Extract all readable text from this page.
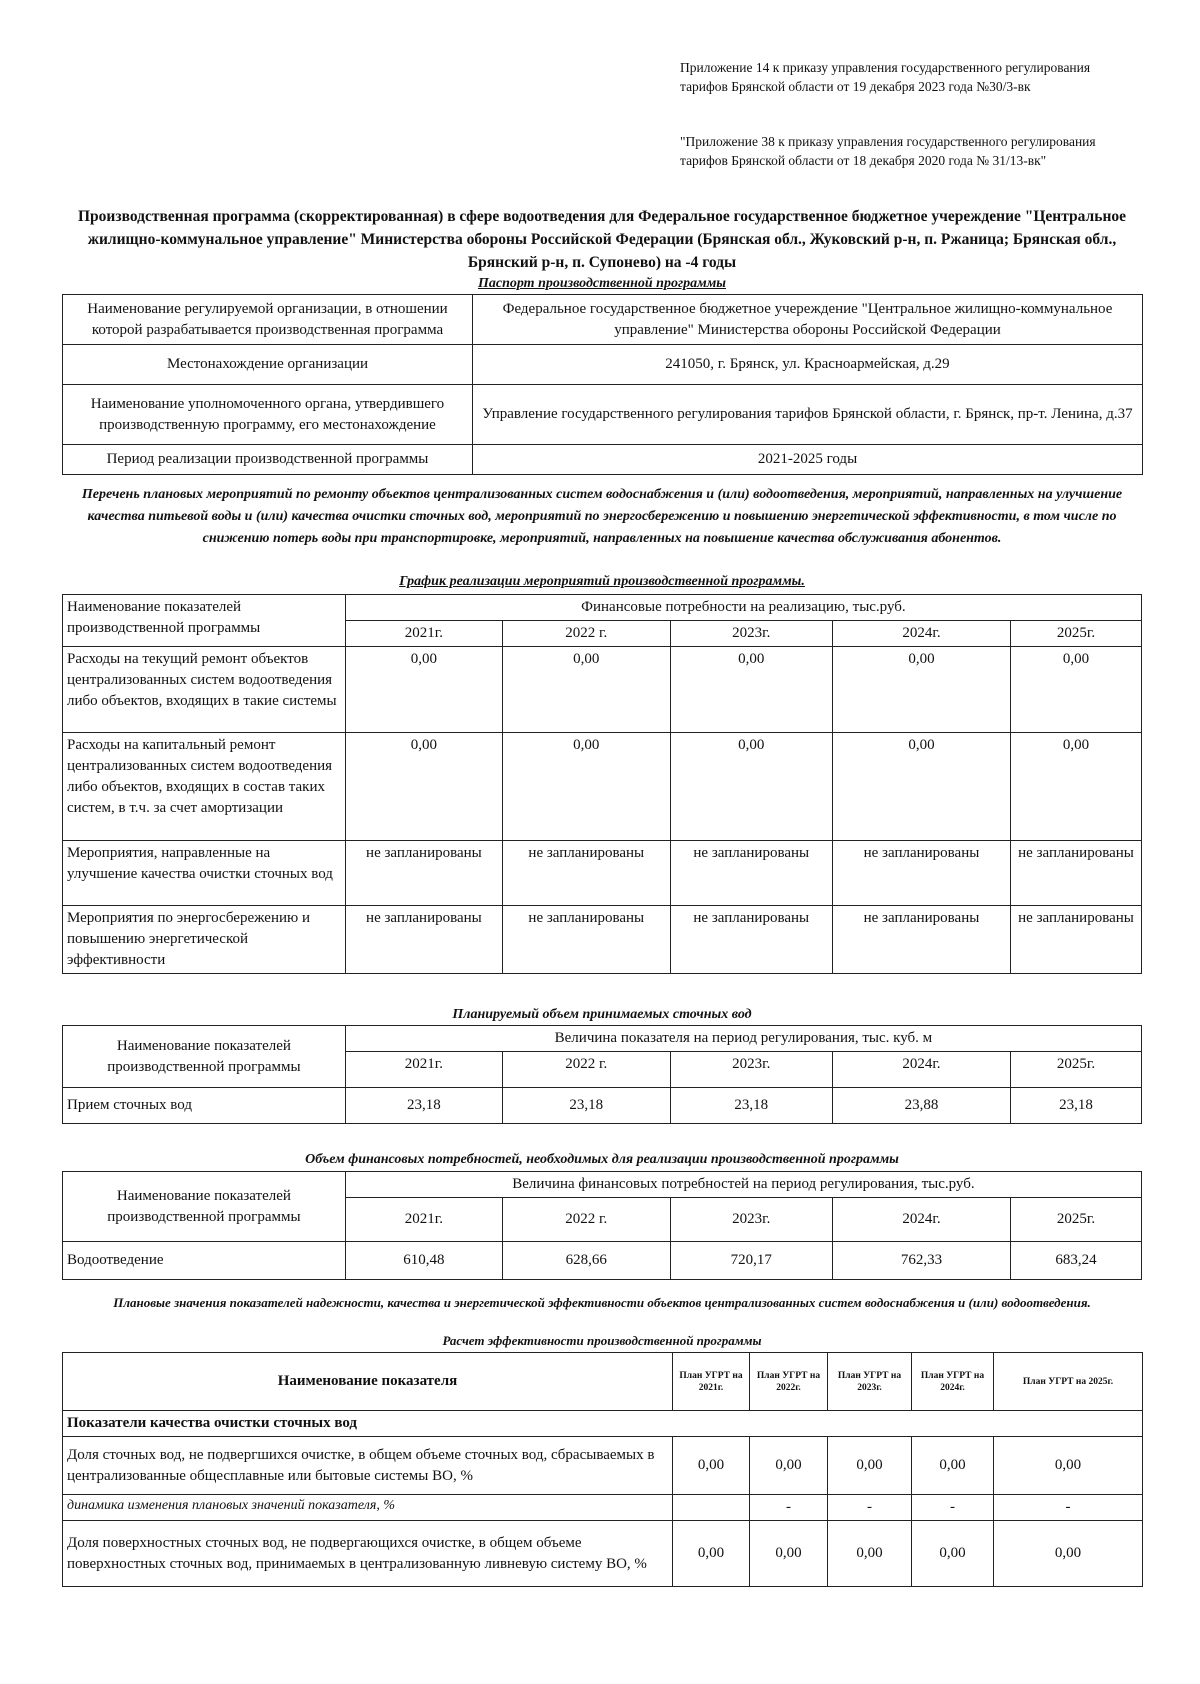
Приложение 14 к приказу управления государственного регулирования тарифов Брянской области от 19 декабря 2023 года №30/3-вк
"Приложение 38 к приказу управления государственного регулирования тарифов Брянской области от 18 декабря 2020 года № 31/13-вк"
Производственная программа (скорректированная) в сфере водоотведения для Федеральное государственное бюджетное учереждение "Центральное жилищно-коммунальное управление" Министерства обороны Российской Федерации (Брянская обл., Жуковский р-н, п. Ржаница; Брянская обл., Брянский р-н, п. Супонево) на -4 годы
Паспорт производственной программы
Наименование регулируемой организации, в отношении которой разрабатывается производственная программа	Федеральное государственное бюджетное учереждение "Центральное жилищно-коммунальное управление" Министерства обороны Российской Федерации
Местонахождение организации	241050, г. Брянск, ул. Красноармейская, д.29
Наименование уполномоченного органа, утвердившего производственную программу, его местонахождение	Управление государственного регулирования тарифов Брянской области, г. Брянск, пр-т. Ленина, д.37
Период реализации производственной программы	2021-2025 годы
Перечень плановых мероприятий по ремонту объектов централизованных систем водоснабжения и (или) водоотведения, мероприятий, направленных на улучшение качества питьевой воды и (или) качества очистки сточных вод, мероприятий по энергосбережению и повышению энергетической эффективности, в том числе по снижению потерь воды при транспортировке, мероприятий, направленных на повышение качества обслуживания абонентов.
График реализации мероприятий производственной программы.
Наименование показателей производственной программы	Финансовые потребности на реализацию, тыс.руб.				
	2021г.	2022 г.	2023г.	2024г.	2025г.
Расходы на текущий ремонт объектов централизованных систем водоотведения либо объектов, входящих в такие системы	0,00	0,00	0,00	0,00	0,00
Расходы на капитальный ремонт централизованных систем водоотведения либо объектов, входящих в состав таких систем, в т.ч. за счет амортизации	0,00	0,00	0,00	0,00	0,00
Мероприятия, направленные на улучшение качества очистки сточных вод	не запланированы	не запланированы	не запланированы	не запланированы	не запланированы
Мероприятия по энергосбережению и повышению энергетической эффективности	не запланированы	не запланированы	не запланированы	не запланированы	не запланированы
Планируемый объем принимаемых сточных вод
Наименование показателей производственной программы	Величина показателя на период регулирования, тыс. куб. м				
	2021г.	2022 г.	2023г.	2024г.	2025г.
Прием сточных вод	23,18	23,18	23,18	23,88	23,18
Объем финансовых потребностей, необходимых для реализации производственной программы
Наименование показателей производственной программы	Величина финансовых потребностей на период регулирования, тыс.руб.				
	2021г.	2022 г.	2023г.	2024г.	2025г.
Водоотведение	610,48	628,66	720,17	762,33	683,24
Плановые значения показателей надежности, качества и энергетической эффективности объектов централизованных систем водоснабжения и (или) водоотведения.
Расчет эффективности производственной программы
Наименование показателя	План УГРТ на 2021г.	План УГРТ на 2022г.	План УГРТ на 2023г.	План УГРТ на 2024г.	План УГРТ на 2025г.
Показатели качества очистки сточных вод					
Доля сточных вод, не подвергшихся очистке, в общем объеме сточных вод, сбрасываемых в централизованные общесплавные или бытовые системы ВО, %	0,00	0,00	0,00	0,00	0,00
динамика изменения плановых значений показателя, %		-	-	-	-
Доля поверхностных сточных вод, не подвергающихся очистке, в общем объеме поверхностных сточных вод, принимаемых в централизованную ливневую систему ВО, %	0,00	0,00	0,00	0,00	0,00
